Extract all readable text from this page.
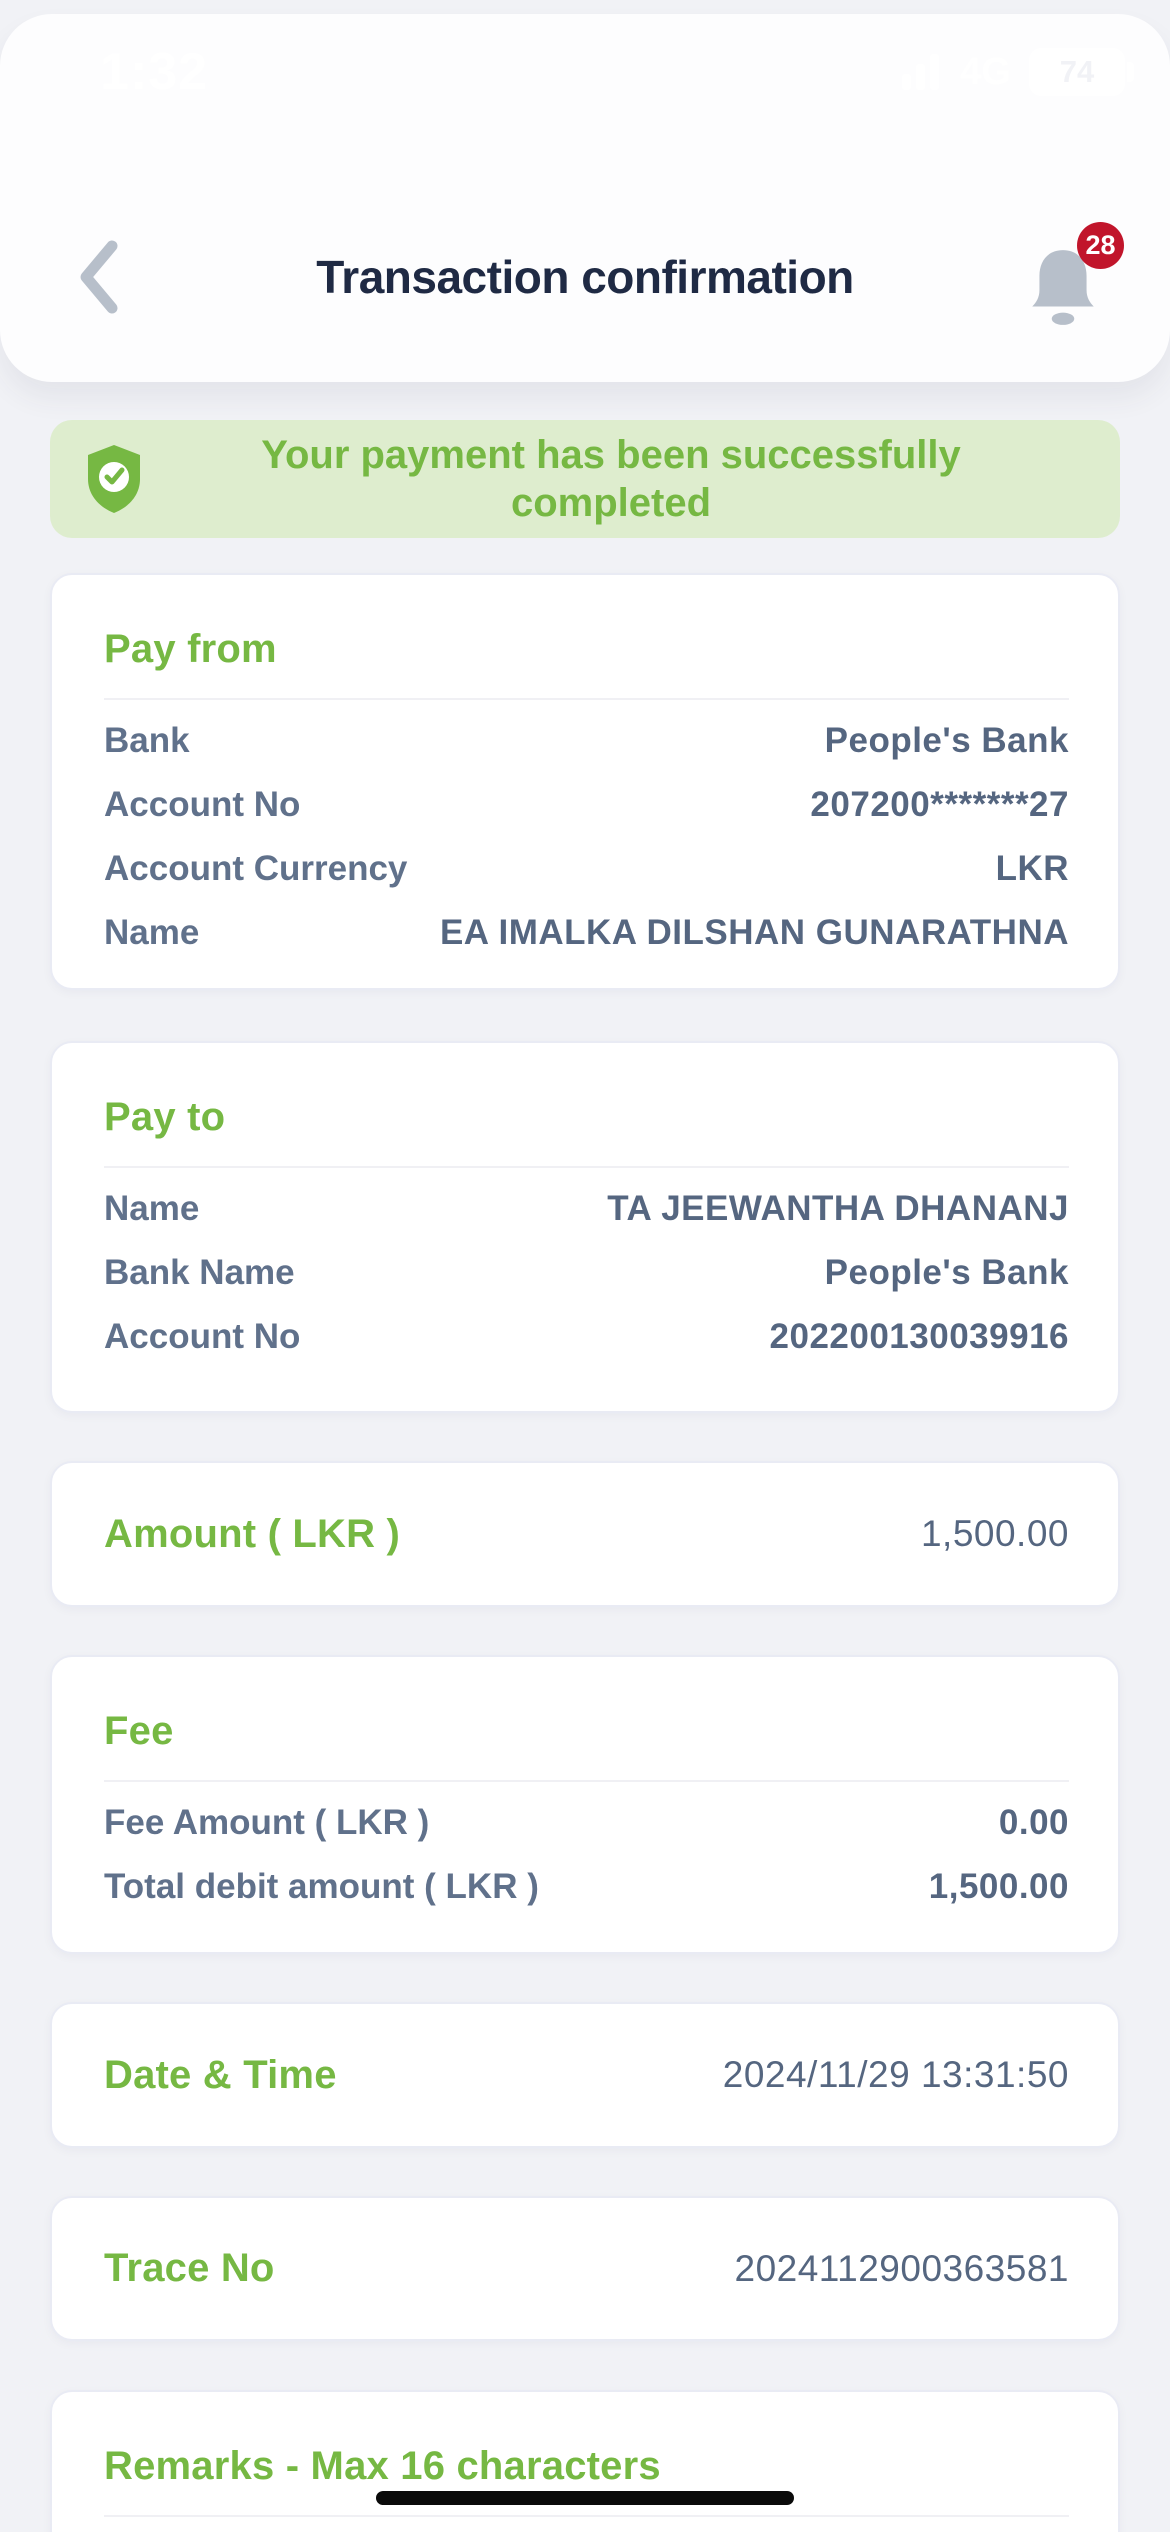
1:32	4G 74
Transaction confirmation
28

Your payment has been successfully completed

Pay from
Bank	People's Bank
Account No	207200*******27
Account Currency	LKR
Name	EA IMALKA DILSHAN GUNARATHNA
Pay to
Name	TA JEEWANTHA DHANANJ
Bank Name	People's Bank
Account No	202200130039916
Amount ( LKR )	1,500.00
Fee
Fee Amount ( LKR )	0.00
Total debit amount ( LKR )	1,500.00
Date & Time	2024/11/29 13:31:50
Trace No	2024112900363581
Remarks - Max 16 characters
